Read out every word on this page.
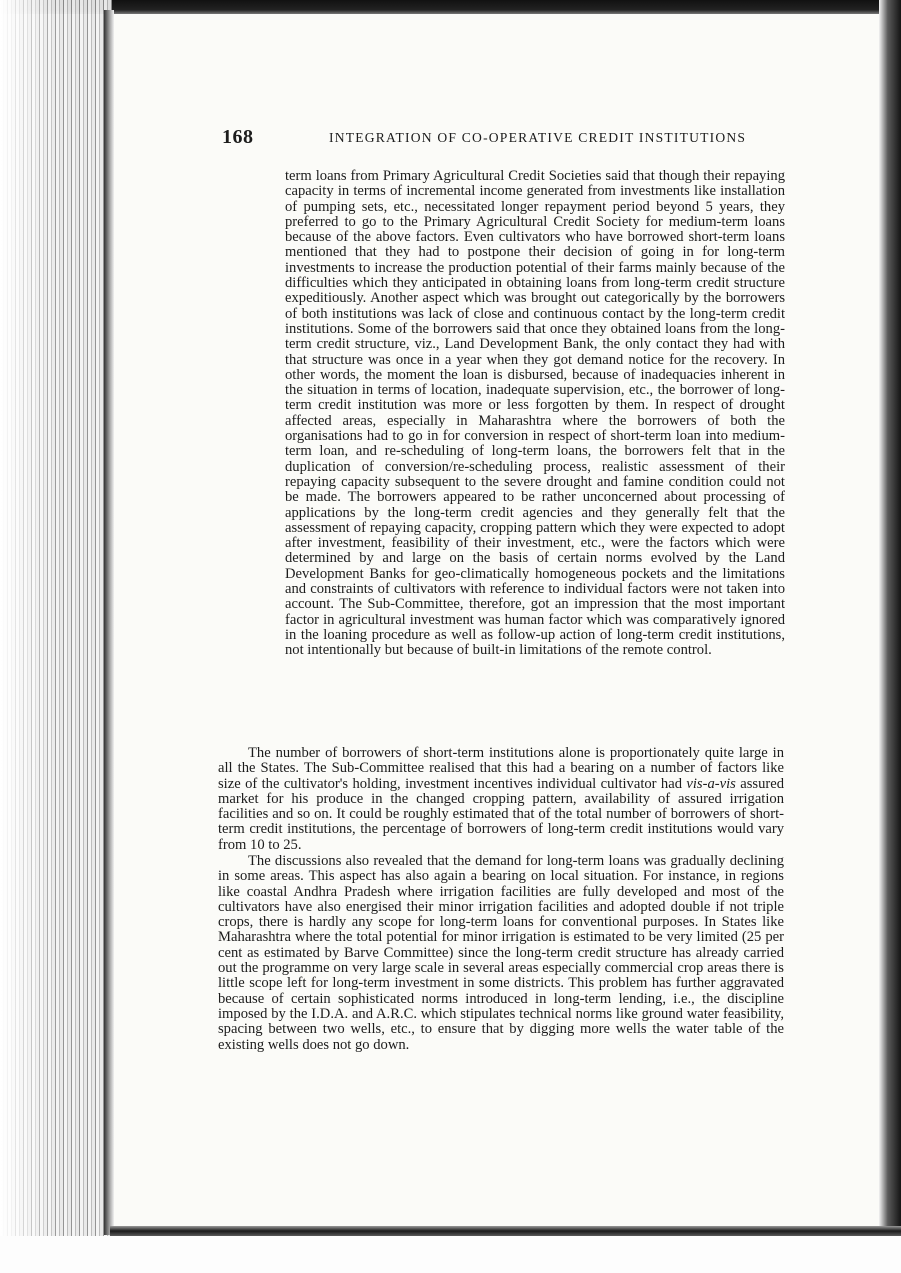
168	INTEGRATION OF CO-OPERATIVE CREDIT INSTITUTIONS
term loans from Primary Agricultural Credit Societies said that though their repaying capacity in terms of incremental income generated from investments like installation of pumping sets, etc., necessitated longer repayment period beyond 5 years, they preferred to go to the Primary Agricultural Credit Society for medium-term loans because of the above factors. Even cultivators who have borrowed short-term loans mentioned that they had to postpone their decision of going in for long-term investments to increase the production potential of their farms mainly because of the difficulties which they anticipated in obtaining loans from long-term credit structure expeditiously. Another aspect which was brought out categorically by the borrowers of both institutions was lack of close and continuous contact by the long-term credit institutions. Some of the borrowers said that once they obtained loans from the long-term credit structure, viz., Land Development Bank, the only contact they had with that structure was once in a year when they got demand notice for the recovery. In other words, the moment the loan is disbursed, because of inadequacies inherent in the situation in terms of location, inadequate supervision, etc., the borrower of long-term credit institution was more or less forgotten by them. In respect of drought affected areas, especially in Maharashtra where the borrowers of both the organisations had to go in for conversion in respect of short-term loan into medium-term loan, and re-scheduling of long-term loans, the borrowers felt that in the duplication of conversion/re-scheduling process, realistic assessment of their repaying capacity subsequent to the severe drought and famine condition could not be made. The borrowers appeared to be rather unconcerned about processing of applications by the long-term credit agencies and they generally felt that the assessment of repaying capacity, cropping pattern which they were expected to adopt after investment, feasibility of their investment, etc., were the factors which were determined by and large on the basis of certain norms evolved by the Land Development Banks for geo-climatically homogeneous pockets and the limitations and constraints of cultivators with reference to individual factors were not taken into account. The Sub-Committee, therefore, got an impression that the most important factor in agricultural investment was human factor which was comparatively ignored in the loaning procedure as well as follow-up action of long-term credit institutions, not intentionally but because of built-in limitations of the remote control.
The number of borrowers of short-term institutions alone is proportionately quite large in all the States. The Sub-Committee realised that this had a bearing on a number of factors like size of the cultivator's holding, investment incentives individual cultivator had vis-a-vis assured market for his produce in the changed cropping pattern, availability of assured irrigation facilities and so on. It could be roughly estimated that of the total number of borrowers of short-term credit institutions, the percentage of borrowers of long-term credit institutions would vary from 10 to 25.
The discussions also revealed that the demand for long-term loans was gradually declining in some areas. This aspect has also again a bearing on local situation. For instance, in regions like coastal Andhra Pradesh where irrigation facilities are fully developed and most of the cultivators have also energised their minor irrigation facilities and adopted double if not triple crops, there is hardly any scope for long-term loans for conventional purposes. In States like Maharashtra where the total potential for minor irrigation is estimated to be very limited (25 per cent as estimated by Barve Committee) since the long-term credit structure has already carried out the programme on very large scale in several areas especially commercial crop areas there is little scope left for long-term investment in some districts. This problem has further aggravated because of certain sophisticated norms introduced in long-term lending, i.e., the discipline imposed by the I.D.A. and A.R.C. which stipulates technical norms like ground water feasibility, spacing between two wells, etc., to ensure that by digging more wells the water table of the existing wells does not go down.
